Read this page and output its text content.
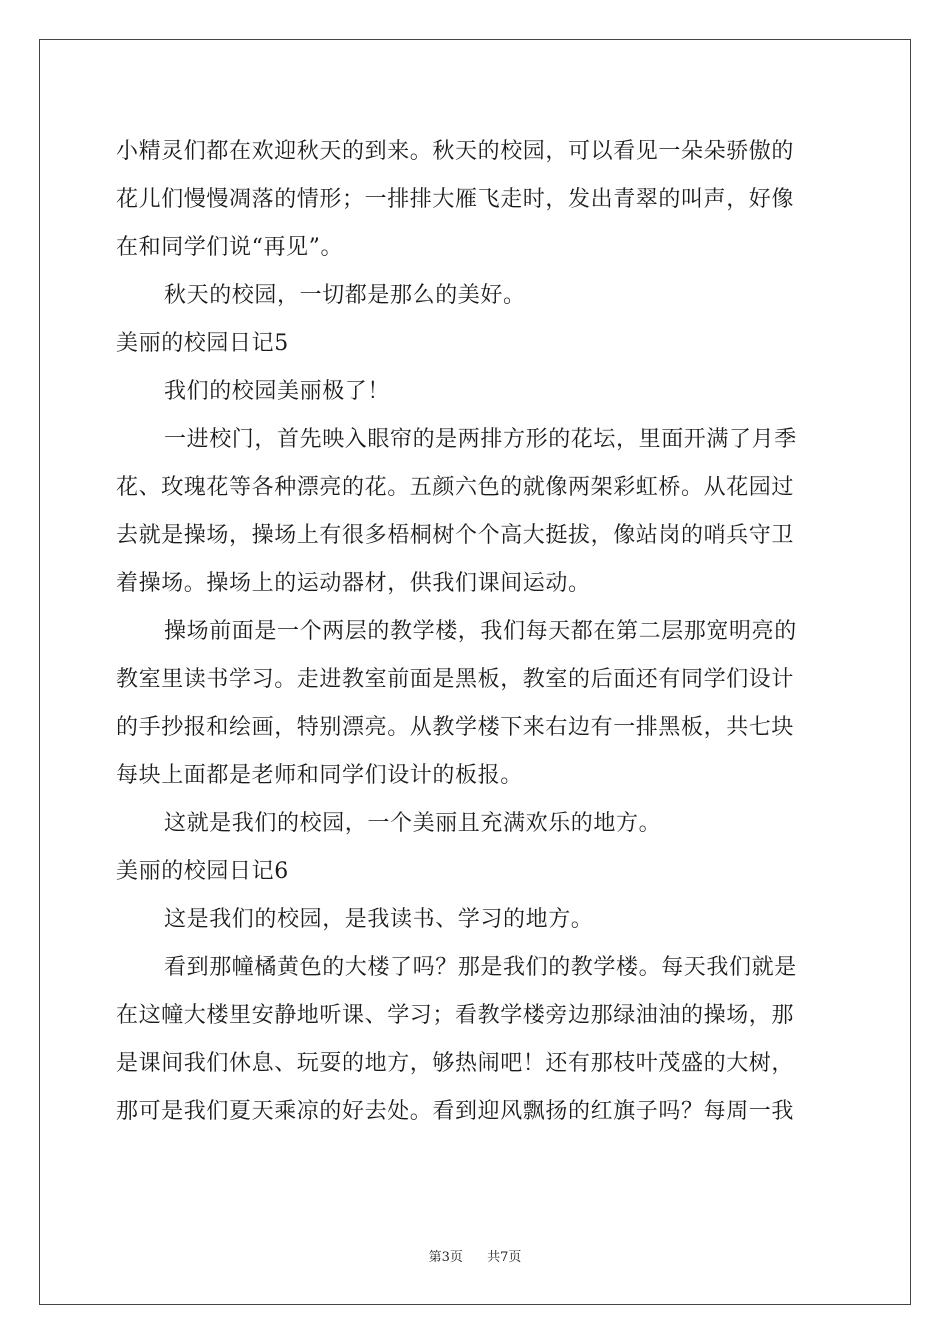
小精灵们都在欢迎秋天的到来。秋天的校园，可以看见一朵朵骄傲的
花儿们慢慢凋落的情形；一排排大雁飞走时，发出青翠的叫声，好像
在和同学们说“再见”。
秋天的校园，一切都是那么的美好。
美丽的校园日记5
我们的校园美丽极了！
一进校门，首先映入眼帘的是两排方形的花坛，里面开满了月季
花、玫瑰花等各种漂亮的花。五颜六色的就像两架彩虹桥。从花园过
去就是操场，操场上有很多梧桐树个个高大挺拔，像站岗的哨兵守卫
着操场。操场上的运动器材，供我们课间运动。
操场前面是一个两层的教学楼，我们每天都在第二层那宽明亮的
教室里读书学习。走进教室前面是黑板，教室的后面还有同学们设计
的手抄报和绘画，特别漂亮。从教学楼下来右边有一排黑板，共七块
每块上面都是老师和同学们设计的板报。
这就是我们的校园，一个美丽且充满欢乐的地方。
美丽的校园日记6
这是我们的校园，是我读书、学习的地方。
看到那幢橘黄色的大楼了吗？那是我们的教学楼。每天我们就是
在这幢大楼里安静地听课、学习；看教学楼旁边那绿油油的操场，那
是课间我们休息、玩耍的地方，够热闹吧！还有那枝叶茂盛的大树，
那可是我们夏天乘凉的好去处。看到迎风飘扬的红旗子吗？每周一我
第3页 共7页
